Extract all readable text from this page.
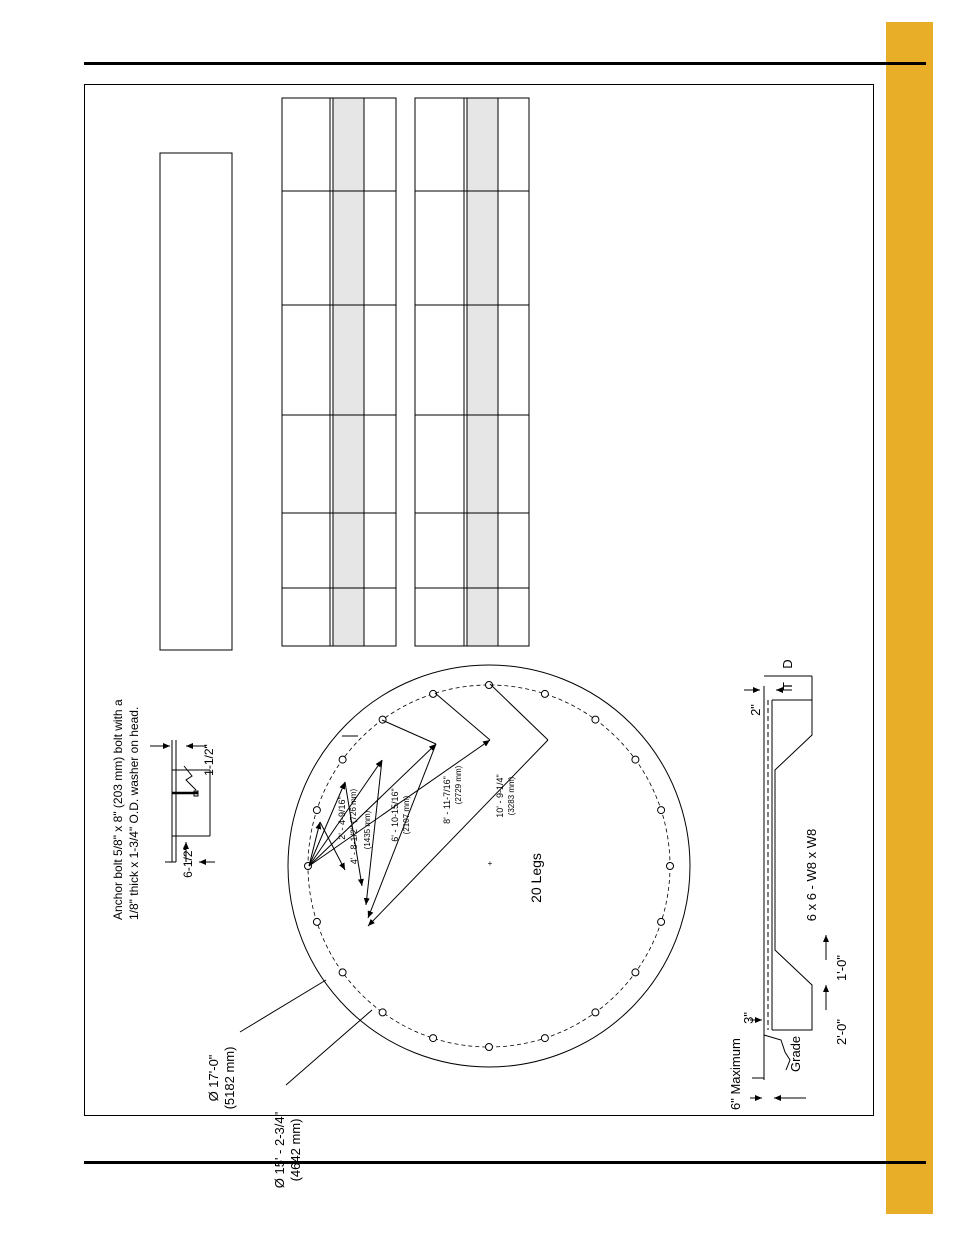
Anchor bolt 5/8" x 8" (203 mm) bolt with a 1/8" thick x 1-3/4" O.D. washer on head.	1-1/2"
6-1/2"	+
Ø 17'-0" (5182 mm)
Ø 15' - 2-3/4" (4642 mm)
2' - 4-9/16" (726 mm)
4' - 8-1/2" (1435 mm) 6' - 10-15/16" (2107 mm)	8' - 11-7/16" (2729 mm)	10' - 9-1/4" (3283 mm)
20 Legs
6" Maximum	Grade
3"
2'-0"
1'-0"
6 x 6 - W8 x W8
2"
T
D
